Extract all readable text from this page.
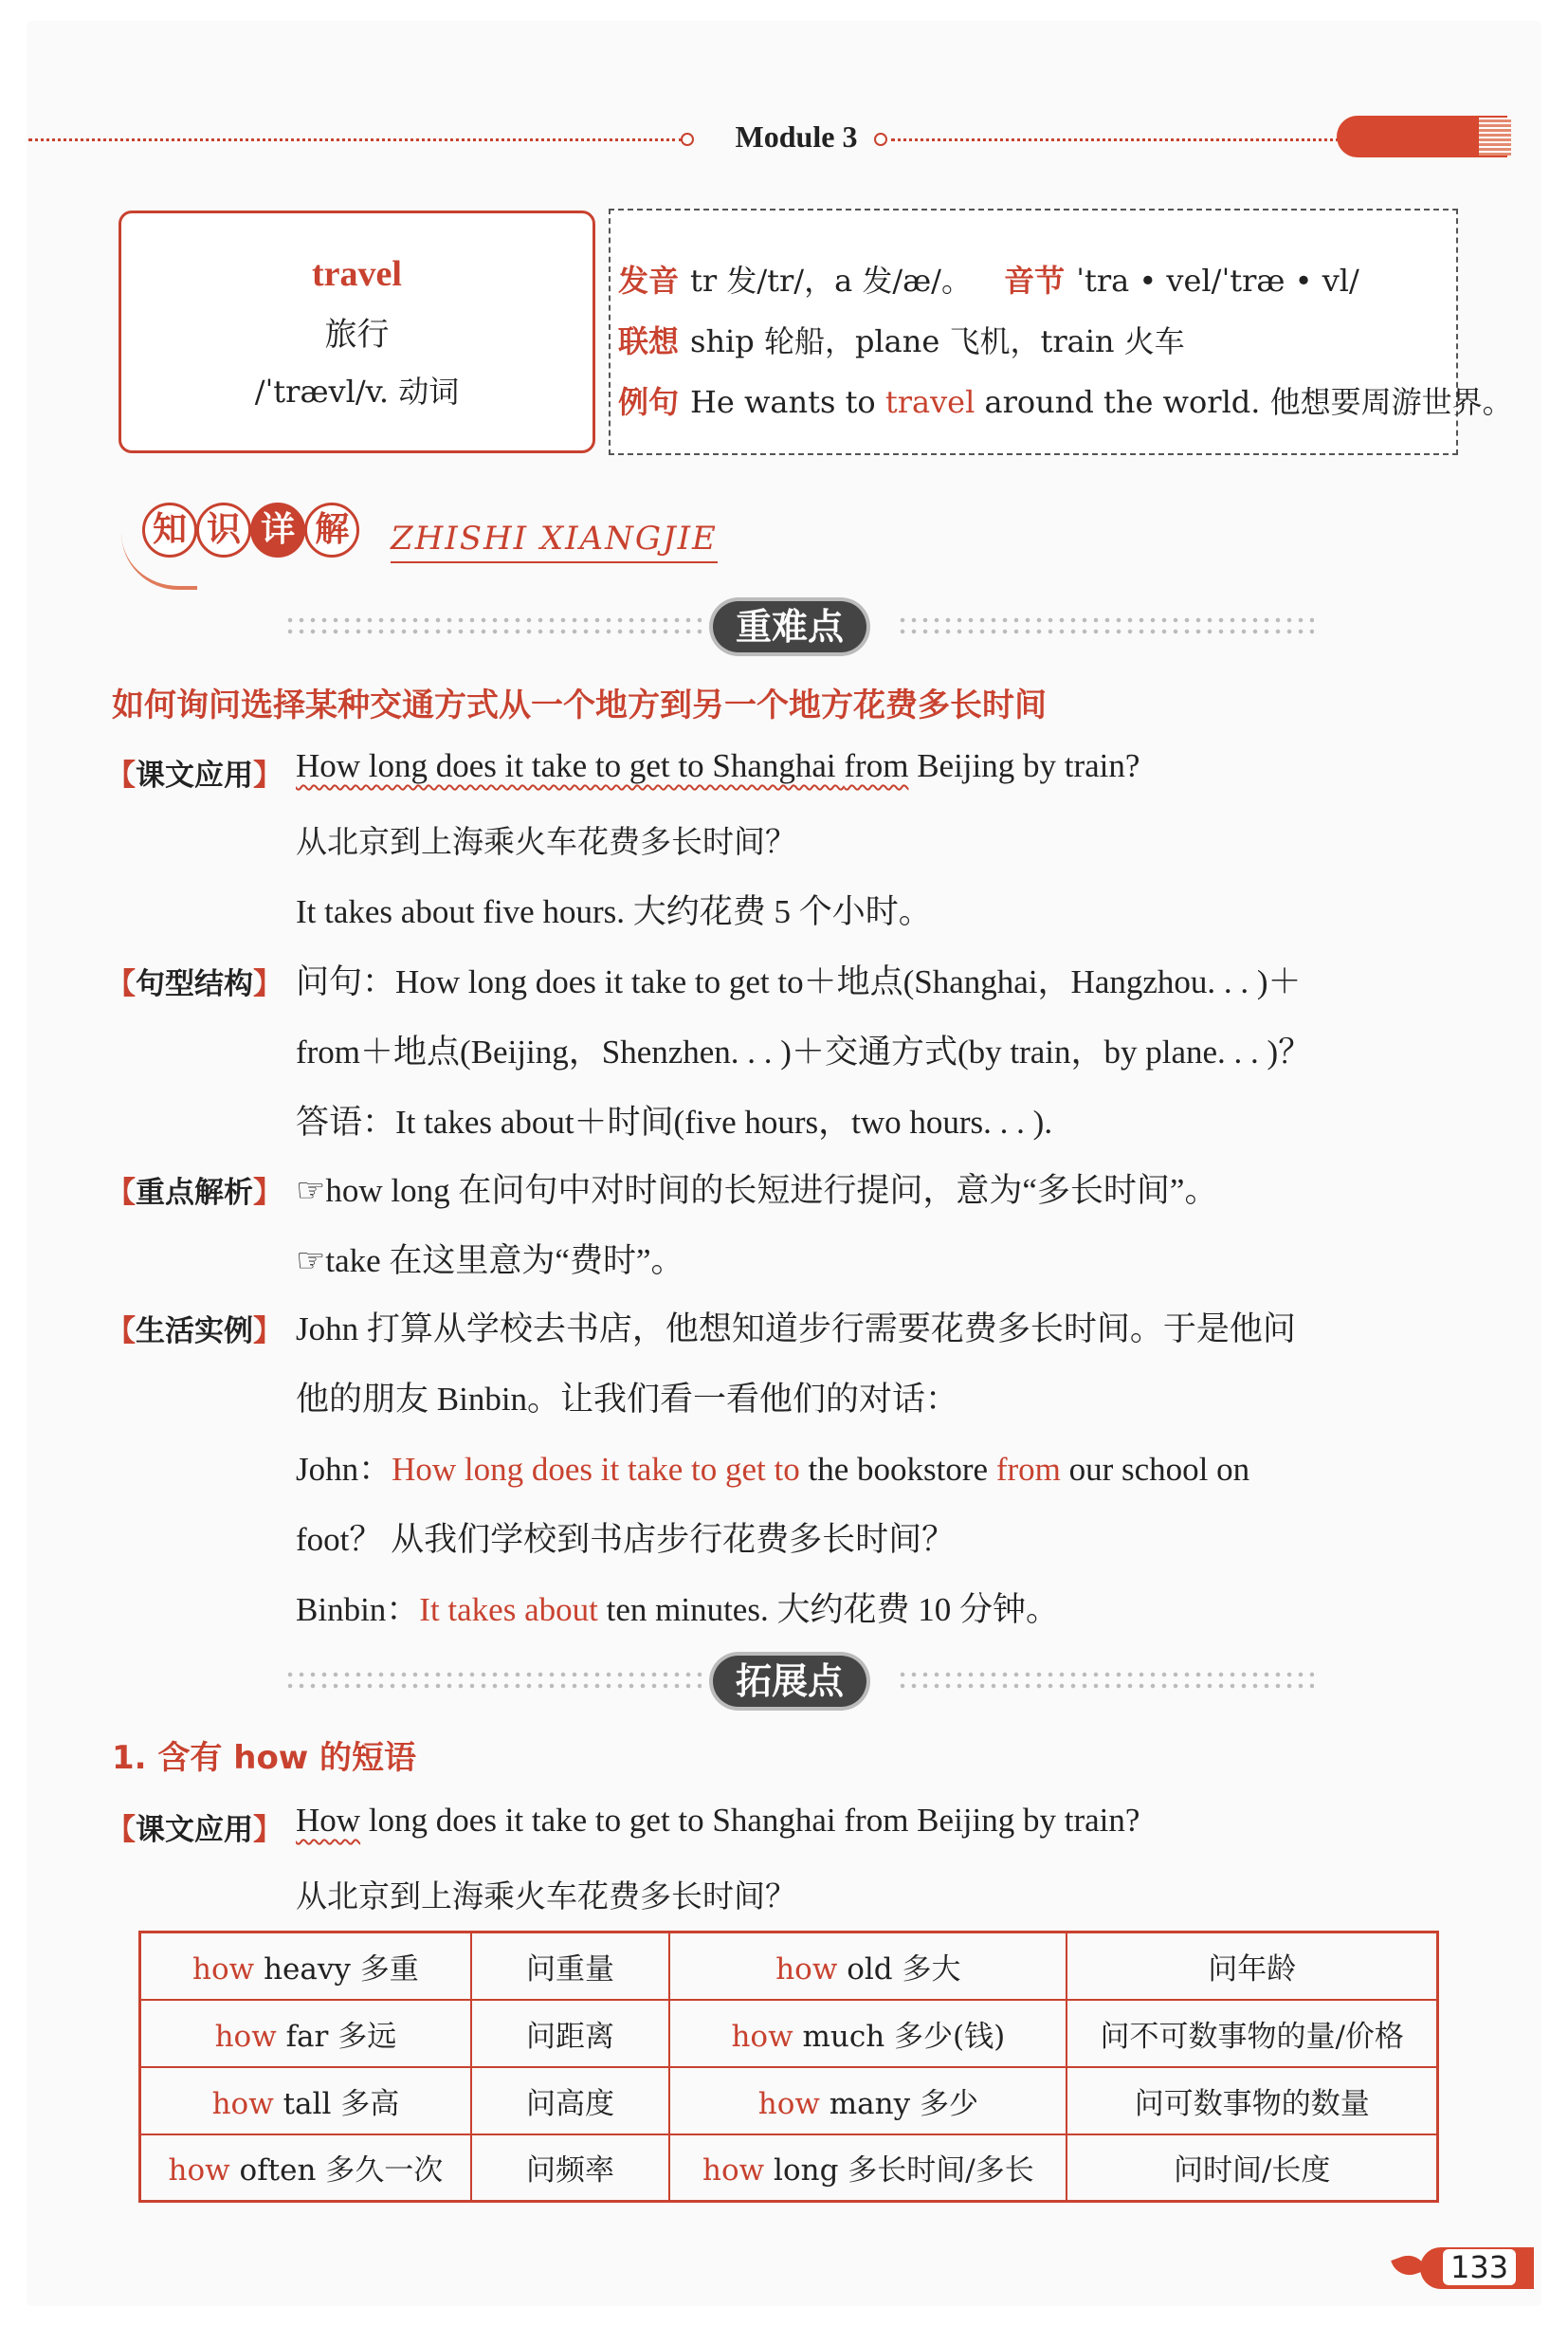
Module 3
travel
旅行
/ˈtrævl/v. 动词
发音 tr 发/tr/，a 发/æ/。 音节 ˈtra • vel/ˈtræ • vl/
联想 ship 轮船，plane 飞机，train 火车
例句 He wants to travel around the world. 他想要周游世界。
知 识 详 解 ZHISHI XIANGJIE
重难点
如何询问选择某种交通方式从一个地方到另一个地方花费多长时间
【课文应用】 How long does it take to get to Shanghai from Beijing by train?
从北京到上海乘火车花费多长时间？
It takes about five hours. 大约花费 5 个小时。
【句型结构】 问句：How long does it take to get to＋地点(Shanghai，Hangzhou. . . )＋
from＋地点(Beijing，Shenzhen. . . )＋交通方式(by train，by plane. . . )？
答语：It takes about＋时间(five hours，two hours. . . ).
【重点解析】 ☞how long 在问句中对时间的长短进行提问，意为“多长时间”。
☞take 在这里意为“费时”。
【生活实例】 John 打算从学校去书店，他想知道步行需要花费多长时间。于是他问
他的朋友 Binbin。让我们看一看他们的对话：
John：How long does it take to get to the bookstore from our school on
foot？ 从我们学校到书店步行花费多长时间？
Binbin：It takes about ten minutes. 大约花费 10 分钟。
拓展点
1. 含有 how 的短语
【课文应用】 How long does it take to get to Shanghai from Beijing by train?
从北京到上海乘火车花费多长时间？
how heavy 多重	问重量	how old 多大	问年龄
how far 多远	问距离	how much 多少(钱)	问不可数事物的量/价格
how tall 多高	问高度	how many 多少	问可数事物的数量
how often 多久一次	问频率	how long 多长时间/多长	问时间/长度
133
